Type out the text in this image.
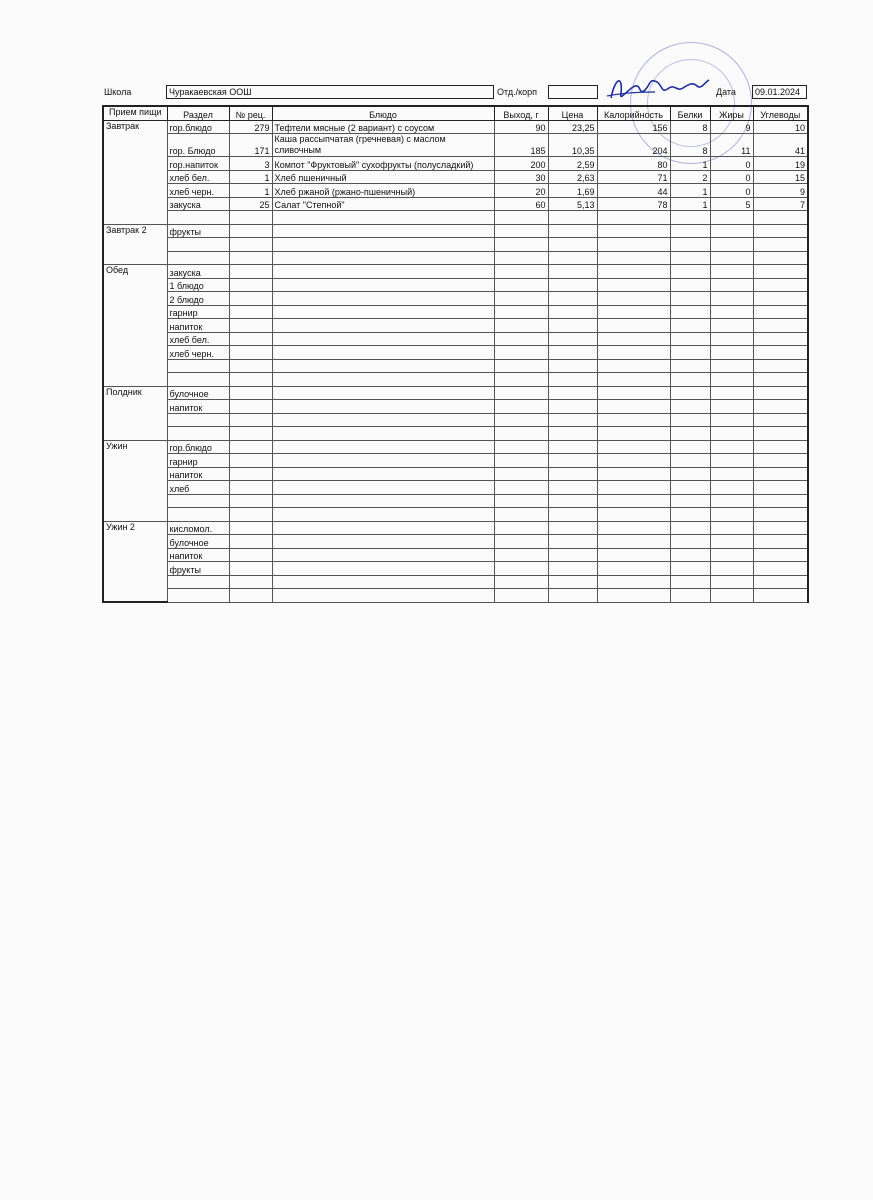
Школа	Чуракаевская ООШ	Отд./корп	Дата	09.01.2024
Прием пищи	Раздел	№ рец.	Блюдо	Выход, г	Цена	Калорийность	Белки	Жиры	Углеводы
Завтрак	гор.блюдо	279	Тефтели мясные (2 вариант) с соусом	90	23,25	156	8	9	10
	гор. Блюдо	171	Каша рассыпчатая (гречневая) с маслом сливочным	185	10,35	204	8	11	41
	гор.напиток	3	Компот "Фруктовый" сухофрукты (полусладкий)	200	2,59	80	1	0	19
	хлеб бел.	1	Хлеб пшеничный	30	2,63	71	2	0	15
	хлеб черн.	1	Хлеб ржаной (ржано-пшеничный)	20	1,69	44	1	0	9
	закуска	25	Салат "Степной"	60	5,13	78	1	5	7

Завтрак 2	фрукты								

Обед	закуска								
	1 блюдо								
	2 блюдо								
	гарнир								
	напиток								
	хлеб бел.								
	хлеб черн.								

Полдник	булочное								
	напиток								

Ужин	гор.блюдо								
	гарнир								
	напиток								
	хлеб								

Ужин 2	кисломол.								
	булочное								
	напиток								
	фрукты								
